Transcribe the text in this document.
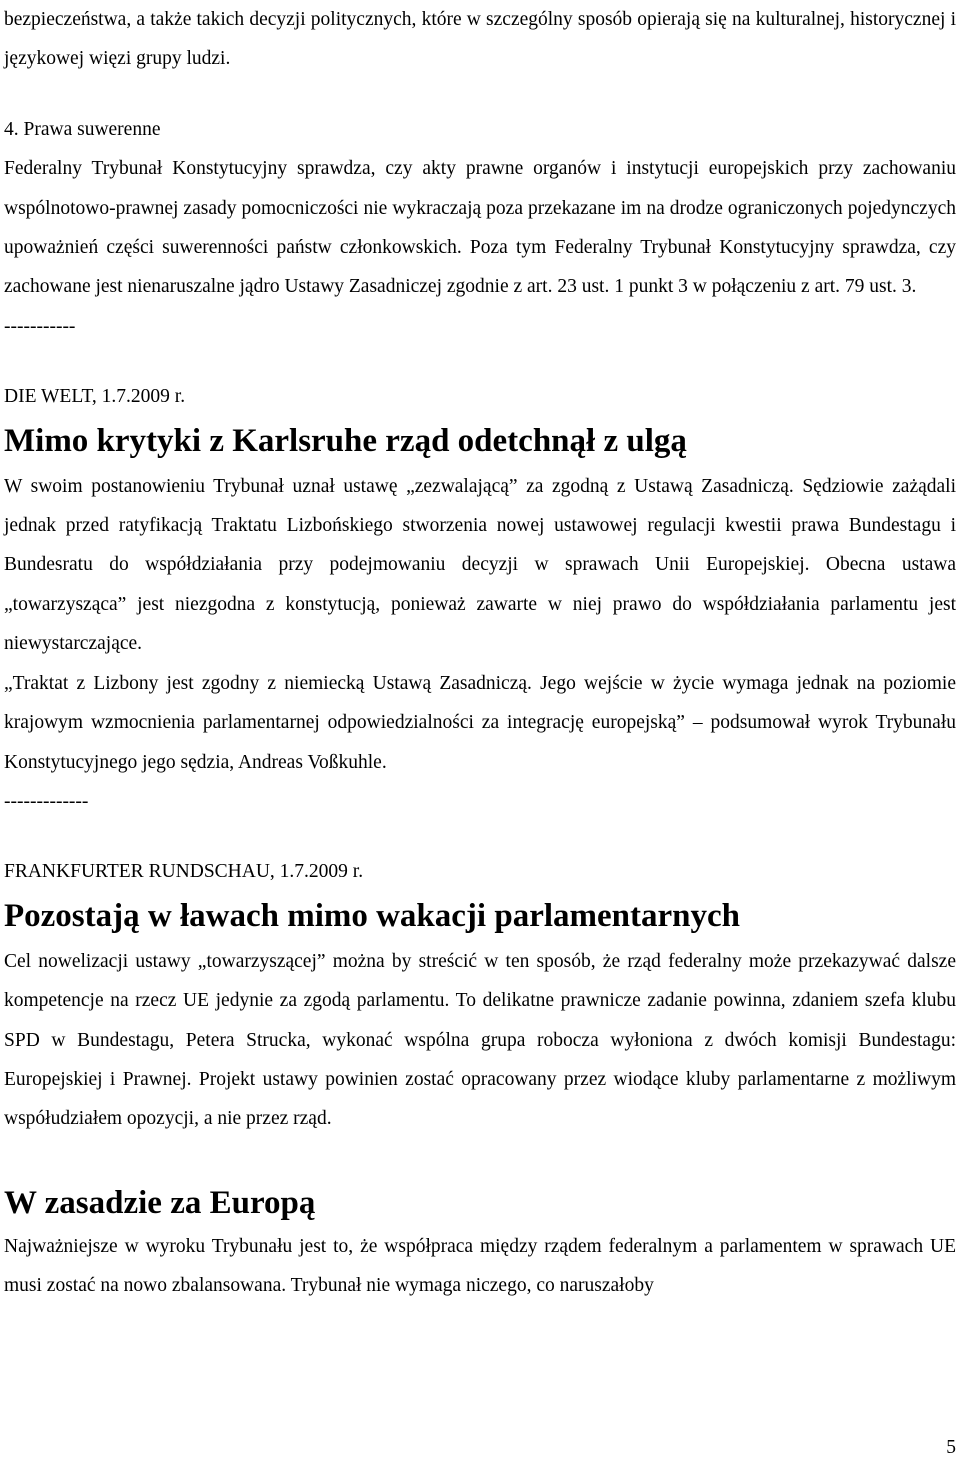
bezpieczeństwa, a także takich decyzji politycznych, które w szczególny sposób opierają się na kulturalnej, historycznej i językowej więzi grupy ludzi.

4. Prawa suwerenne

Federalny Trybunał Konstytucyjny sprawdza, czy akty prawne organów i instytucji europejskich przy zachowaniu wspólnotowo-prawnej zasady pomocniczości nie wykraczają poza przekazane im na drodze ograniczonych pojedynczych upoważnień części suwerenności państw członkowskich. Poza tym Federalny Trybunał Konstytucyjny sprawdza, czy zachowane jest nienaruszalne jądro Ustawy Zasadniczej zgodnie z art. 23 ust. 1 punkt 3 w połączeniu z art. 79 ust. 3.

-----------

DIE WELT, 1.7.2009 r.

Mimo krytyki z Karlsruhe rząd odetchnął z ulgą

W swoim postanowieniu Trybunał uznał ustawę „zezwalającą” za zgodną z Ustawą Zasadniczą. Sędziowie zażądali jednak przed ratyfikacją Traktatu Lizbońskiego stworzenia nowej ustawowej regulacji kwestii prawa Bundestagu i Bundesratu do współdziałania przy podejmowaniu decyzji w sprawach Unii Europejskiej. Obecna ustawa „towarzysząca” jest niezgodna z konstytucją, ponieważ zawarte w niej prawo do współdziałania parlamentu jest niewystarczające.

„Traktat z Lizbony jest zgodny z niemiecką Ustawą Zasadniczą. Jego wejście w życie wymaga jednak na poziomie krajowym wzmocnienia parlamentarnej odpowiedzialności za integrację europejską” – podsumował wyrok Trybunału Konstytucyjnego jego sędzia, Andreas Voßkuhle.

-------------

FRANKFURTER RUNDSCHAU, 1.7.2009 r.

Pozostają w ławach mimo wakacji parlamentarnych

Cel nowelizacji ustawy „towarzyszącej” można by streścić w ten sposób, że rząd federalny może przekazywać dalsze kompetencje na rzecz UE jedynie za zgodą parlamentu. To delikatne prawnicze zadanie powinna, zdaniem szefa klubu SPD w Bundestagu, Petera Strucka, wykonać wspólna grupa robocza wyłoniona z dwóch komisji Bundestagu: Europejskiej i Prawnej. Projekt ustawy powinien zostać opracowany przez wiodące kluby parlamentarne z możliwym współudziałem opozycji, a nie przez rząd.

W zasadzie za Europą

Najważniejsze w wyroku Trybunału jest to, że współpraca między rządem federalnym a parlamentem w sprawach UE musi zostać na nowo zbalansowana. Trybunał nie wymaga niczego, co naruszałoby

5
